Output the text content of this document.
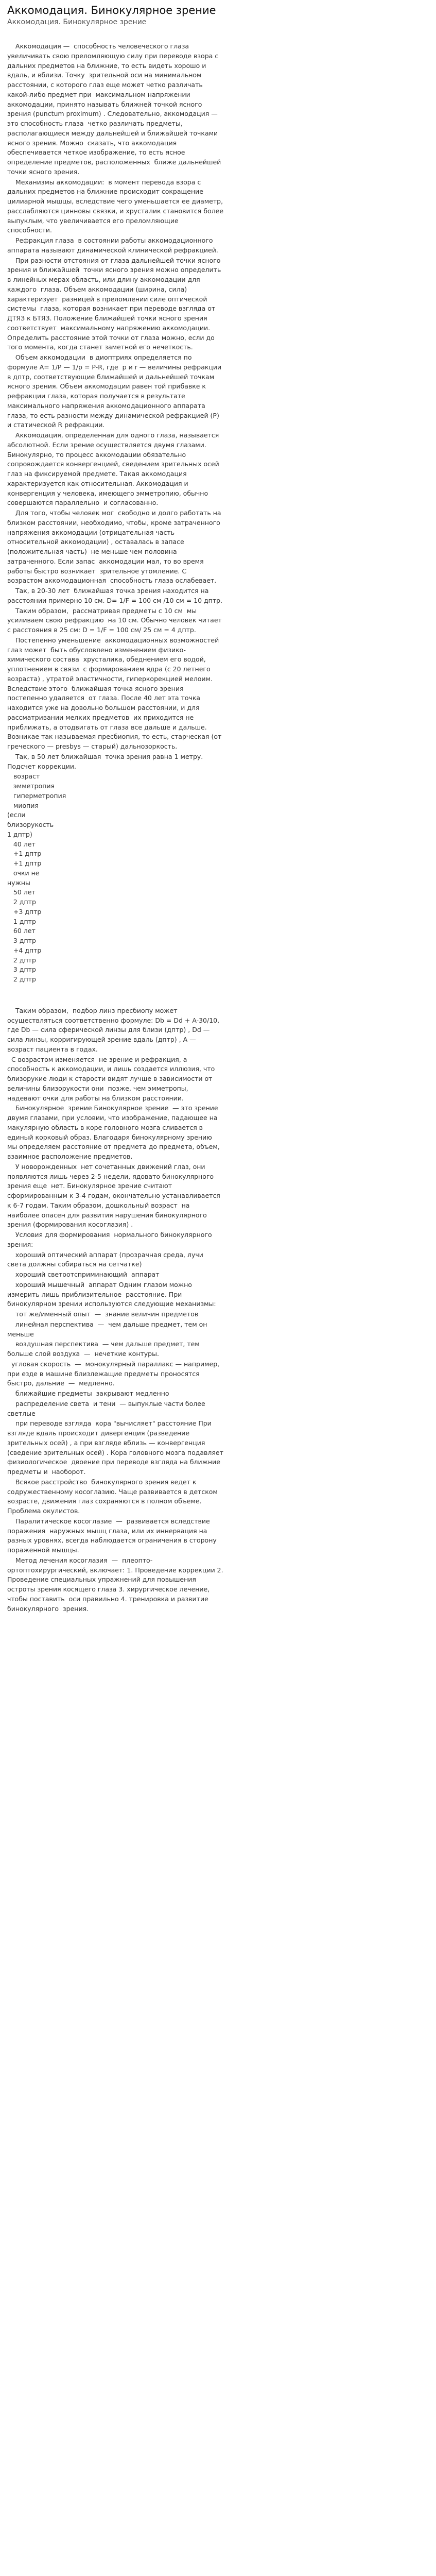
Аккомодация. Бинокулярное зрение
Аккомодация. Бинокулярное зрение
Аккомодация —  способность человеческого глаза увеличивать свою преломляющую силу при переводе взора с дальних предметов на ближние, то есть видеть хорошо и вдаль, и вблизи. Точку  зрительной оси на минимальном расстоянии, с которого глаз еще может четко различать какой-либо предмет при  максимальном напряжении аккомодации, принято называть ближней точкой ясного зрения (punctum proximum) . Следовательно, аккомодация — это способность глаза  четко различать предметы, располагающиеся между дальнейшей и ближайшей точками ясного зрения. Можно  сказать, что аккомодация обеспечивается четкое изображение, то есть ясное определение предметов, расположенных  ближе дальнейшей точки ясного зрения.
Механизмы аккомодации:  в момент перевода взора с дальних предметов на ближние происходит сокращение цилиарной мышцы, вследствие чего уменьшается ее диаметр, расслабляются цинновы связки, и хрусталик становится более выпуклым, что увеличивается его преломляющие способности.
Рефракция глаза  в состоянии работы аккомодационного аппарата называют динамической клинической рефракцией.
При разности отстояния от глаза дальнейшей точки ясного зрения и ближайшей  точки ясного зрения можно определить в линейных мерах область, или длину аккомодации для каждого  глаза. Объем аккомодации (ширина, сила) характеризует  разницей в преломлении силе оптической системы  глаза, которая возникает при переводе взгляда от ДТЯЗ к БТЯЗ. Положение ближайшей точки ясного зрения соответствует  максимальному напряжению аккомодации. Определить расстояние этой точки от глаза можно, если до того момента, когда станет заметной его нечеткость.
Объем аккомодации  в диоптриях определяется по формуле A= 1/P — 1/p = P-R, где  р и r — величины рефракции в дптр, соответствующие ближайшей и дальнейшей точкам ясного зрения. Объем аккомодации равен той прибавке к рефракции глаза, которая получается в результате максимального напряжения аккомодационного аппарата глаза, то есть разности между динамической рефракцией (Р) и статической R рефракции.
Аккомодация, определенная для одного глаза, называется абсолютной. Если зрение осуществляется двумя глазами. Бинокулярно, то процесс аккомодации обязательно сопровождается конвергенцией, сведением зрительных осей глаз на фиксируемой предмете. Такая аккомодация характеризуется как относительная. Аккомодация и конвергенция у человека, имеющего эмметропию, обычно совершаются параллельно  и согласованно.
Для того, чтобы человек мог  свободно и долго работать на близком расстоянии, необходимо, чтобы, кроме затраченного напряжения аккомодации (отрицательная часть относительной аккомодации) , оставалась в запасе (положительная часть)  не меньше чем половина затраченного. Если запас  аккомодации мал, то во время работы быстро возникает  зрительное утомление. С возрастом аккомодационная  способность глаза ослабевает.
Так, в 20-30 лет  ближайшая точка зрения находится на расстоянии примерно 10 см. D= 1/F = 100 см /10 см = 10 дптр.
Таким образом,  рассматривая предметы с 10 см  мы усиливаем свою рефракцию  на 10 см. Обычно человек читает с расстояния в 25 см: D = 1/F = 100 см/ 25 см = 4 дптр.
Постепенно уменьшение  аккомодационных возможностей глаз может  быть обусловлено изменением физико-химического состава  хрусталика, обеднением его водой, уплотнением в связи  с формированием ядра (с 20 летнего возраста) , утратой эластичности, гиперкорекцией мелоим. Вследствие этого  ближайшая точка ясного зрения постепенно удаляется  от глаза. После 40 лет эта точка находится уже на довольно большом расстоянии, и для рассматривании мелких предметов  их приходится не приближать, а отодвигать от глаза все дальше и дальше. Возникае так называемая пресбиопия, то есть, старческая (от греческого — presbys — старый) дальнозоркость.
Так, в 50 лет ближайшая  точка зрения равна 1 метру. Подсчет коррекции.
возраст
эмметропия
гиперметропия
миопия
(если
близорукость
1 дптр)
40 лет
+1 дптр
+1 дптр
очки не
нужны
50 лет
2 дптр
+3 дптр
1 дптр
60 лет
3 дптр
+4 дптр
2 дптр
3 дптр
2 дптр
Таким образом,  подбор линз пресбиопу может осуществляться соответственно формуле: Db = Dd + A-30/10, где Db — сила сферической линзы для близи (дптр) , Dd — сила линзы, корригирующей зрение вдаль (дптр) , A — возраст пациента в годах.
С возрастом изменяется  не зрение и рефракция, а способность к аккомодации, и лишь создается иллюзия, что близорукие люди к старости видят лучше в зависимости от величины близорукости они  позже, чем эмметропы, надевают очки для работы на близком расстоянии.
Бинокулярное  зрение Бинокулярное зрение  — это зрение двумя глазами, при условии, что изображение, падающее на макулярную область в коре головного мозга сливается в единый корковый образ. Благодаря бинокулярному зрению мы определяем расстояние от предмета до предмета, объем, взаимное расположение предметов.
У новорожденных  нет сочетанных движений глаз, они появляются лишь через 2-5 недели, ядовато бинокулярного зрения еще  нет. Бинокулярное зрение считают сформированным к 3-4 годам, окончательно устанавливается к 6-7 годам. Таким образом, дошкольный возраст  на наиболее опасен для развития нарушения бинокулярного зрения (формирования косоглазия) .
Условия для формирования  нормального бинокулярного зрения:
хороший оптический аппарат (прозрачная среда, лучи света должны собираться на сетчатке)
хороший светоотсприминающий  аппарат
хороший мышечный  аппарат Одним глазом можно измерить лишь приблизительное  расстояние. При бинокулярном зрении используются следующие механизмы:
тот же/именный опыт  —  знание величин предметов
линейная перспектива  —  чем дальше предмет, тем он меньше
воздушная перспектива  — чем дальше предмет, тем больше слой воздуха  —  нечеткие контуры.
угловая скорость  —  монокулярный параллакс — например, при езде в машине близлежащие предметы проносятся быстро, дальние  —  медленно.
ближайшие предметы  закрывают медленно
распределение света  и тени  — выпуклые части более светлые
при переводе взгляда  кора "вычисляет" расстояние При взгляде вдаль происходит дивергенция (разведение зрительных осей) , а при взгляде вблизь — конвергенция (сведение зрительных осей) . Кора головного мозга подавляет физиологическое  двоение при переводе взгляда на ближние предметы и  наоборот.
Всякое расстройство  бинокулярного зрения ведет к содружественному косоглазию. Чаще развивается в детском возрасте, движения глаз сохраняются в полном объеме. Проблема окулистов.
Паралитическое косоглазие  —  развивается вследствие поражения  наружных мышц глаза, или их иннервация на разных уровнях, всегда наблюдается ограничения в сторону  пораженной мышцы.
Метод лечения косоглазия  —  плеопто-ортоптохирургический, включает: 1. Проведение коррекции 2. Проведение специальных упражнений для повышения остроты зрения косящего глаза 3. хирургическое лечение, чтобы поставить  оси правильно 4. тренировка и развитие бинокулярного  зрения.
